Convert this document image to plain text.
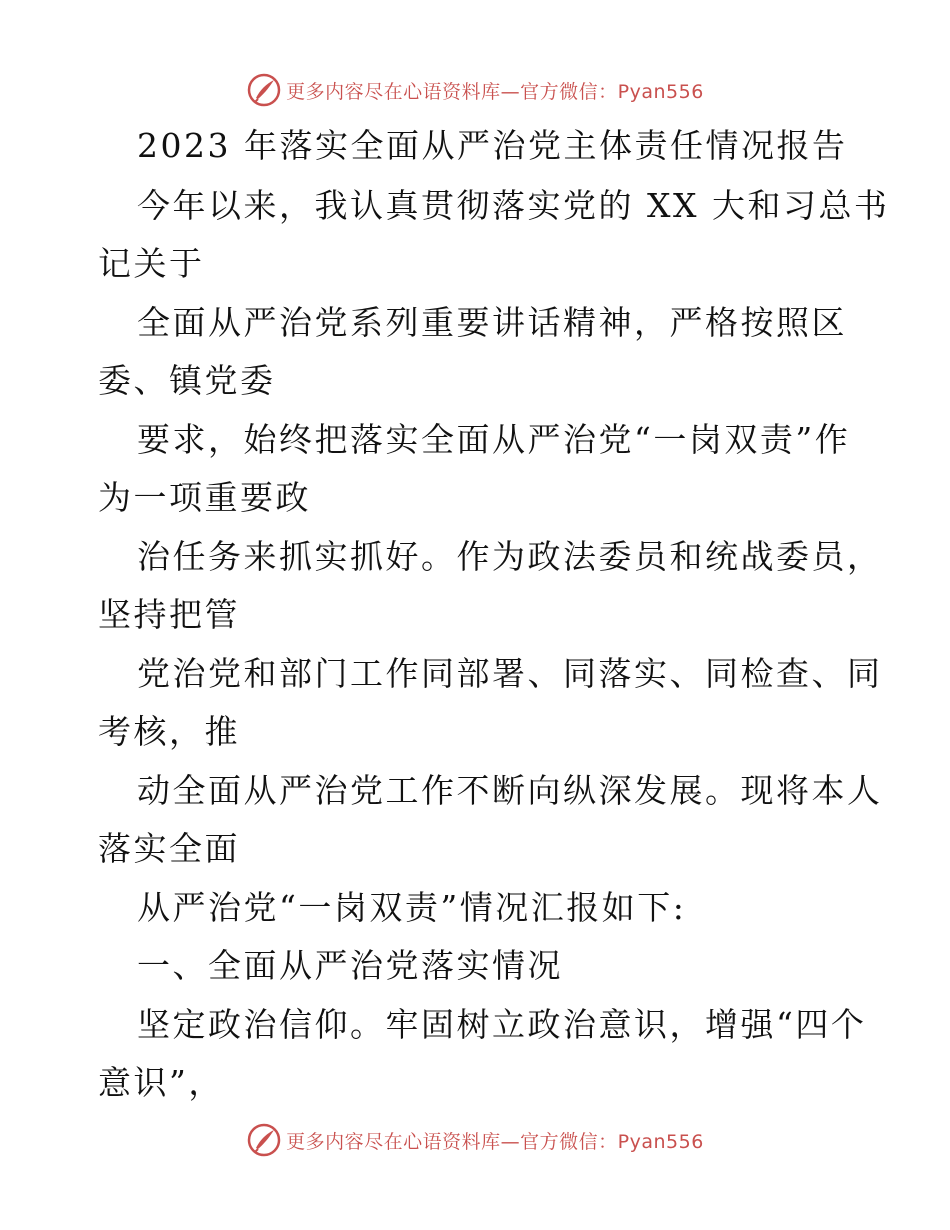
更多内容尽在心语资料库—官方微信：Pyan556
2023 年落实全面从严治党主体责任情况报告
今年以来，我认真贯彻落实党的 XX 大和习总书
记关于
全面从严治党系列重要讲话精神，严格按照区
委、镇党委
要求，始终把落实全面从严治党“一岗双责”作
为一项重要政
治任务来抓实抓好。作为政法委员和统战委员，
坚持把管
党治党和部门工作同部署、同落实、同检查、同
考核，推
动全面从严治党工作不断向纵深发展。现将本人
落实全面
从严治党“一岗双责”情况汇报如下:
一、全面从严治党落实情况
坚定政治信仰。牢固树立政治意识，增强“四个
意识”，
更多内容尽在心语资料库—官方微信：Pyan556
